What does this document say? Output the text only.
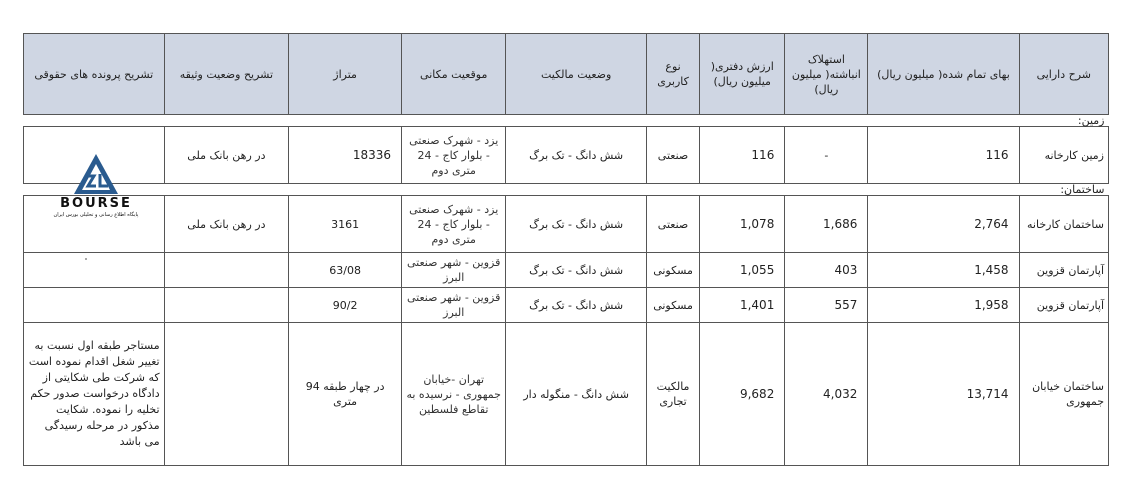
شرح دارایی	بهای تمام شده( میلیون ریال)	استهلاک انباشته( میلیون ریال)	ارزش دفتری( میلیون ریال)	نوع کاربری	وضعیت مالکیت	موقعیت مکانی	متراژ	تشریح وضعیت وثیقه	تشریح پرونده های حقوقی
زمین:									
زمین کارخانه	116	-	116	صنعتی	شش دانگ - تک برگ	یزد - شهرک صنعتی - بلوار کاج - 24 متری دوم	18336	در رهن بانک ملی	
ساختمان:									
ساختمان کارخانه	2,764	1,686	1,078	صنعتی	شش دانگ - تک برگ	یزد - شهرک صنعتی - بلوار کاج - 24 متری دوم	3161	در رهن بانک ملی	
آپارتمان قزوین	1,458	403	1,055	مسکونی	شش دانگ - تک برگ	قزوین - شهر صنعتی البرز	63/08		
آپارتمان قزوین	1,958	557	1,401	مسکونی	شش دانگ - تک برگ	قزوین - شهر صنعتی البرز	90/2		
ساختمان خیابان جمهوری	13,714	4,032	9,682	مالکیت تجاری	شش دانگ - منگوله دار	تهران -خیابان جمهوری - نرسیده به تقاطع فلسطین	در چهار طبقه 94 متری		مستاجر طبقه اول نسبت به تغییر شغل اقدام نموده است که شرکت طی شکایتی از دادگاه درخواست صدور حکم تخلیه را نموده. شکایت مذکور در مرحله رسیدگی می باشد
BOURSE
پایگاه اطلاع رسانی و تحلیلی بورس ایران
